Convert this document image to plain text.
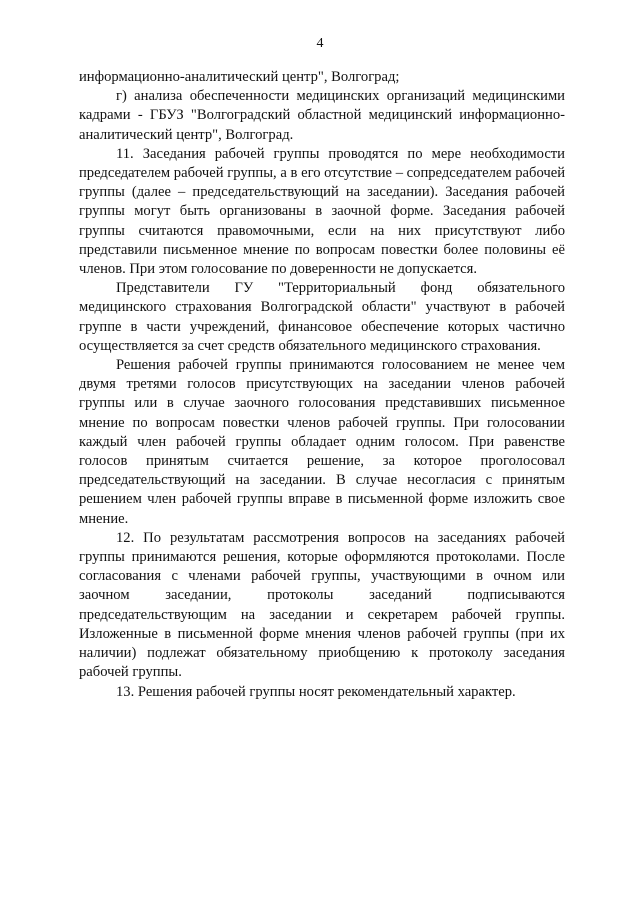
4

информационно-аналитический центр", Волгоград;

г) анализа обеспеченности медицинских организаций медицинскими кадрами - ГБУЗ "Волгоградский областной медицинский информационно-аналитический центр", Волгоград.

11. Заседания рабочей группы проводятся по мере необходимости председателем рабочей группы, а в его отсутствие – сопредседателем рабочей группы (далее – председательствующий на заседании). Заседания рабочей группы могут быть организованы в заочной форме. Заседания рабочей группы считаются правомочными, если на них присутствуют либо представили письменное мнение по вопросам повестки более половины её членов. При этом голосование по доверенности не допускается.

Представители ГУ "Территориальный фонд обязательного медицинского страхования Волгоградской области" участвуют в рабочей группе в части учреждений, финансовое обеспечение которых частично осуществляется за счет средств обязательного медицинского страхования.

Решения рабочей группы принимаются голосованием не менее чем двумя третями голосов присутствующих на заседании членов рабочей группы или в случае заочного голосования представивших письменное мнение по вопросам повестки членов рабочей группы. При голосовании каждый член рабочей группы обладает одним голосом. При равенстве голосов принятым считается решение, за которое проголосовал председательствующий на заседании. В случае несогласия с принятым решением член рабочей группы вправе в письменной форме изложить свое мнение.

12. По результатам рассмотрения вопросов на заседаниях рабочей группы принимаются решения, которые оформляются протоколами. После согласования с членами рабочей группы, участвующими в очном или заочном заседании, протоколы заседаний подписываются председательствующим на заседании и секретарем рабочей группы. Изложенные в письменной форме мнения членов рабочей группы (при их наличии) подлежат обязательному приобщению к протоколу заседания рабочей группы.

13. Решения рабочей группы носят рекомендательный характер.
